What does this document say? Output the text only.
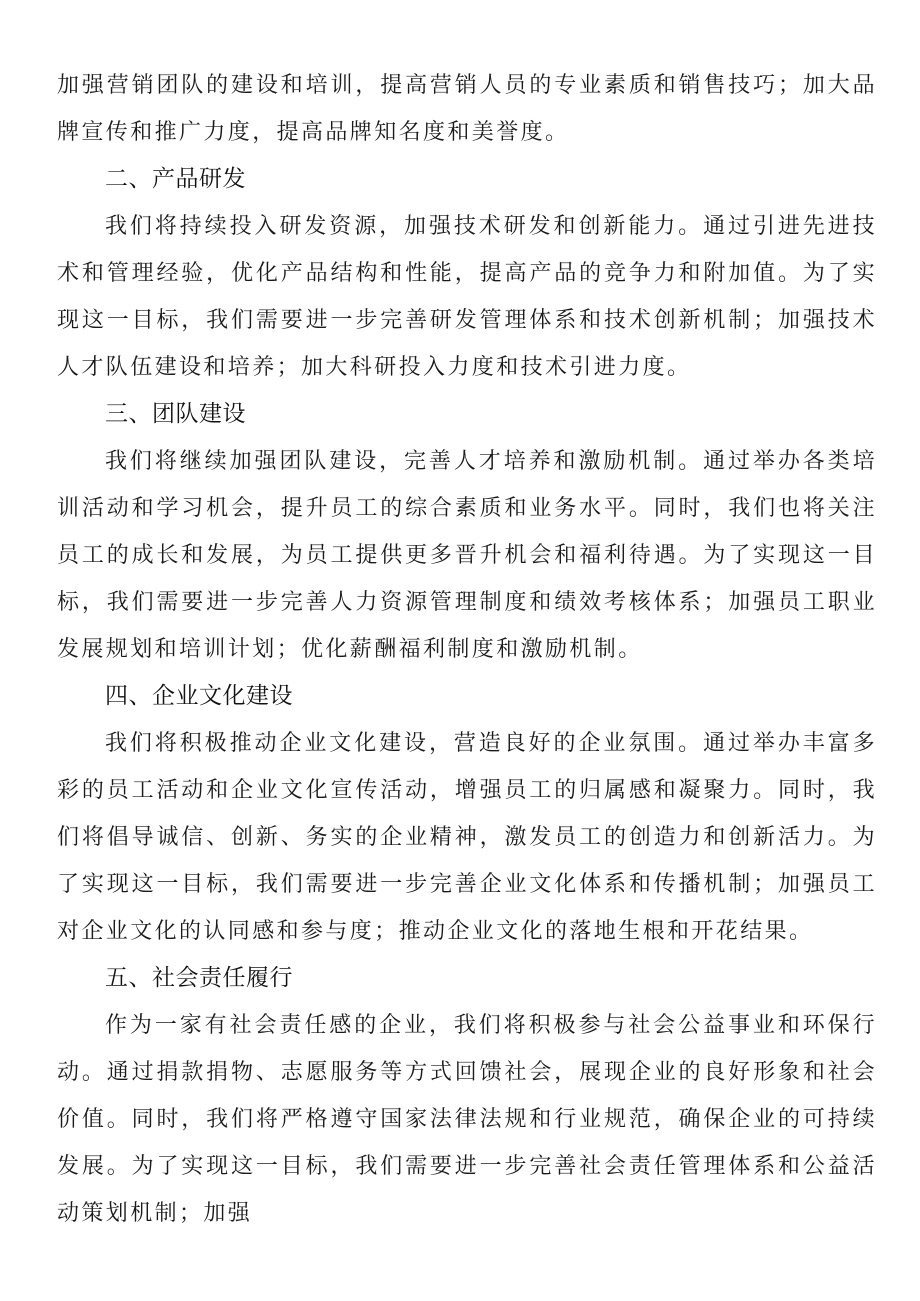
加强营销团队的建设和培训，提高营销人员的专业素质和销售技巧；加大品牌宣传和推广力度，提高品牌知名度和美誉度。

二、产品研发

我们将持续投入研发资源，加强技术研发和创新能力。通过引进先进技术和管理经验，优化产品结构和性能，提高产品的竞争力和附加值。为了实现这一目标，我们需要进一步完善研发管理体系和技术创新机制；加强技术人才队伍建设和培养；加大科研投入力度和技术引进力度。

三、团队建设

我们将继续加强团队建设，完善人才培养和激励机制。通过举办各类培训活动和学习机会，提升员工的综合素质和业务水平。同时，我们也将关注员工的成长和发展，为员工提供更多晋升机会和福利待遇。为了实现这一目标，我们需要进一步完善人力资源管理制度和绩效考核体系；加强员工职业发展规划和培训计划；优化薪酬福利制度和激励机制。

四、企业文化建设

我们将积极推动企业文化建设，营造良好的企业氛围。通过举办丰富多彩的员工活动和企业文化宣传活动，增强员工的归属感和凝聚力。同时，我们将倡导诚信、创新、务实的企业精神，激发员工的创造力和创新活力。为了实现这一目标，我们需要进一步完善企业文化体系和传播机制；加强员工对企业文化的认同感和参与度；推动企业文化的落地生根和开花结果。

五、社会责任履行

作为一家有社会责任感的企业，我们将积极参与社会公益事业和环保行动。通过捐款捐物、志愿服务等方式回馈社会，展现企业的良好形象和社会价值。同时，我们将严格遵守国家法律法规和行业规范，确保企业的可持续发展。为了实现这一目标，我们需要进一步完善社会责任管理体系和公益活动策划机制；加强
